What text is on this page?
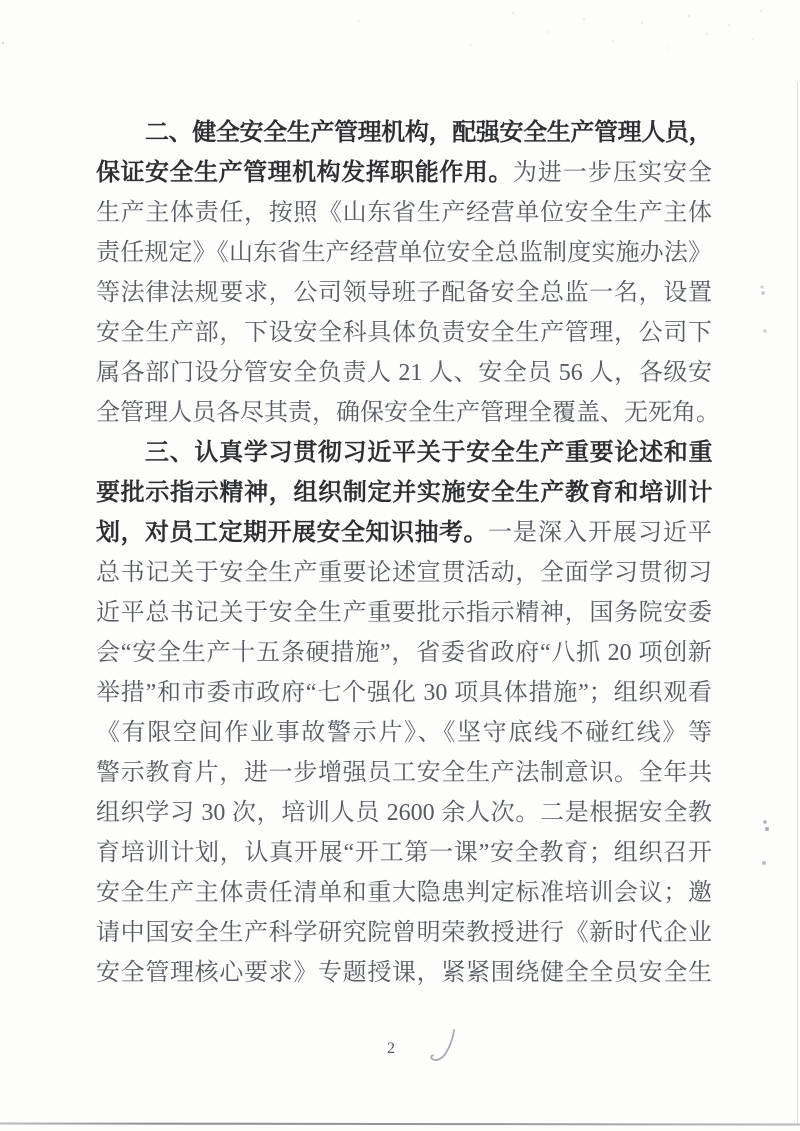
二、健全安全生产管理机构，配强安全生产管理人员，
保证安全生产管理机构发挥职能作用。为进一步压实安全
生产主体责任，按照《山东省生产经营单位安全生产主体
责任规定》《山东省生产经营单位安全总监制度实施办法》
等法律法规要求，公司领导班子配备安全总监一名，设置
安全生产部，下设安全科具体负责安全生产管理，公司下
属各部门设分管安全负责人 21 人、安全员 56 人，各级安
全管理人员各尽其责，确保安全生产管理全覆盖、无死角。
三、认真学习贯彻习近平关于安全生产重要论述和重
要批示指示精神，组织制定并实施安全生产教育和培训计
划，对员工定期开展安全知识抽考。一是深入开展习近平
总书记关于安全生产重要论述宣贯活动，全面学习贯彻习
近平总书记关于安全生产重要批示指示精神，国务院安委
会“安全生产十五条硬措施”，省委省政府“八抓 20 项创新
举措”和市委市政府“七个强化 30 项具体措施”；组织观看
《有限空间作业事故警示片》、《坚守底线不碰红线》等
警示教育片，进一步增强员工安全生产法制意识。全年共
组织学习 30 次，培训人员 2600 余人次。二是根据安全教
育培训计划，认真开展“开工第一课”安全教育；组织召开
安全生产主体责任清单和重大隐患判定标准培训会议；邀
请中国安全生产科学研究院曾明荣教授进行《新时代企业
安全管理核心要求》专题授课，紧紧围绕健全全员安全生
2
